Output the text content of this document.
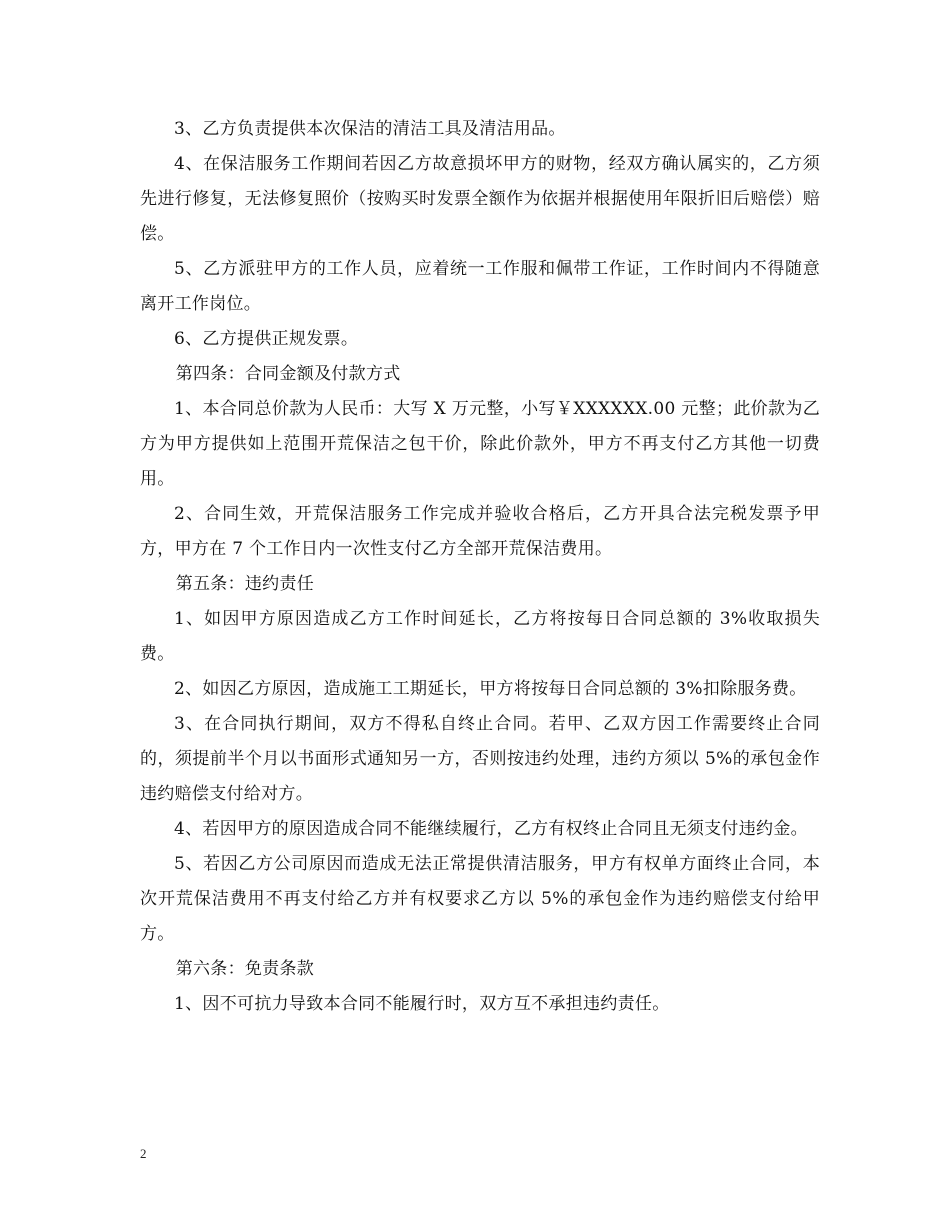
3、乙方负责提供本次保洁的清洁工具及清洁用品。

4、在保洁服务工作期间若因乙方故意损坏甲方的财物，经双方确认属实的，乙方须先进行修复，无法修复照价（按购买时发票全额作为依据并根据使用年限折旧后赔偿）赔偿。

5、乙方派驻甲方的工作人员，应着统一工作服和佩带工作证，工作时间内不得随意离开工作岗位。

6、乙方提供正规发票。

第四条：合同金额及付款方式

1、本合同总价款为人民币：大写 X 万元整，小写￥XXXXXX.00 元整；此价款为乙方为甲方提供如上范围开荒保洁之包干价，除此价款外，甲方不再支付乙方其他一切费用。

2、合同生效，开荒保洁服务工作完成并验收合格后，乙方开具合法完税发票予甲方，甲方在 7 个工作日内一次性支付乙方全部开荒保洁费用。

第五条：违约责任

1、如因甲方原因造成乙方工作时间延长，乙方将按每日合同总额的 3%收取损失费。

2、如因乙方原因，造成施工工期延长，甲方将按每日合同总额的 3%扣除服务费。

3、在合同执行期间，双方不得私自终止合同。若甲、乙双方因工作需要终止合同的，须提前半个月以书面形式通知另一方，否则按违约处理，违约方须以 5%的承包金作违约赔偿支付给对方。

4、若因甲方的原因造成合同不能继续履行，乙方有权终止合同且无须支付违约金。

5、若因乙方公司原因而造成无法正常提供清洁服务，甲方有权单方面终止合同，本次开荒保洁费用不再支付给乙方并有权要求乙方以 5%的承包金作为违约赔偿支付给甲方。

第六条：免责条款

1、因不可抗力导致本合同不能履行时，双方互不承担违约责任。

2
